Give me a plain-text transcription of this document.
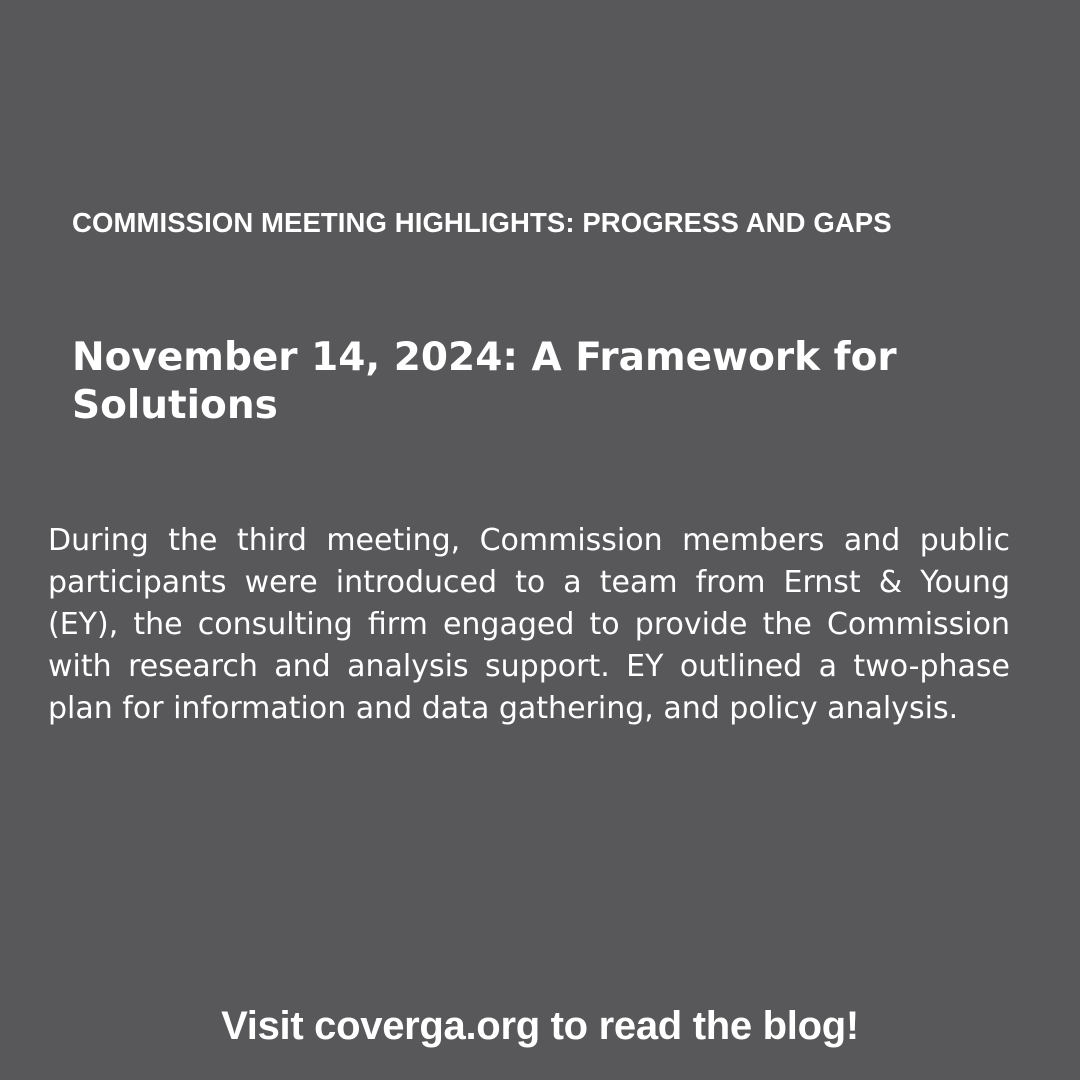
COMMISSION MEETING HIGHLIGHTS: PROGRESS AND GAPS
November 14, 2024: A Framework for Solutions

During the third meeting, Commission members and public participants were introduced to a team from Ernst & Young (EY), the consulting firm engaged to provide the Commission with research and analysis support. EY outlined a two-phase plan for information and data gathering, and policy analysis.

Visit coverga.org to read the blog!
